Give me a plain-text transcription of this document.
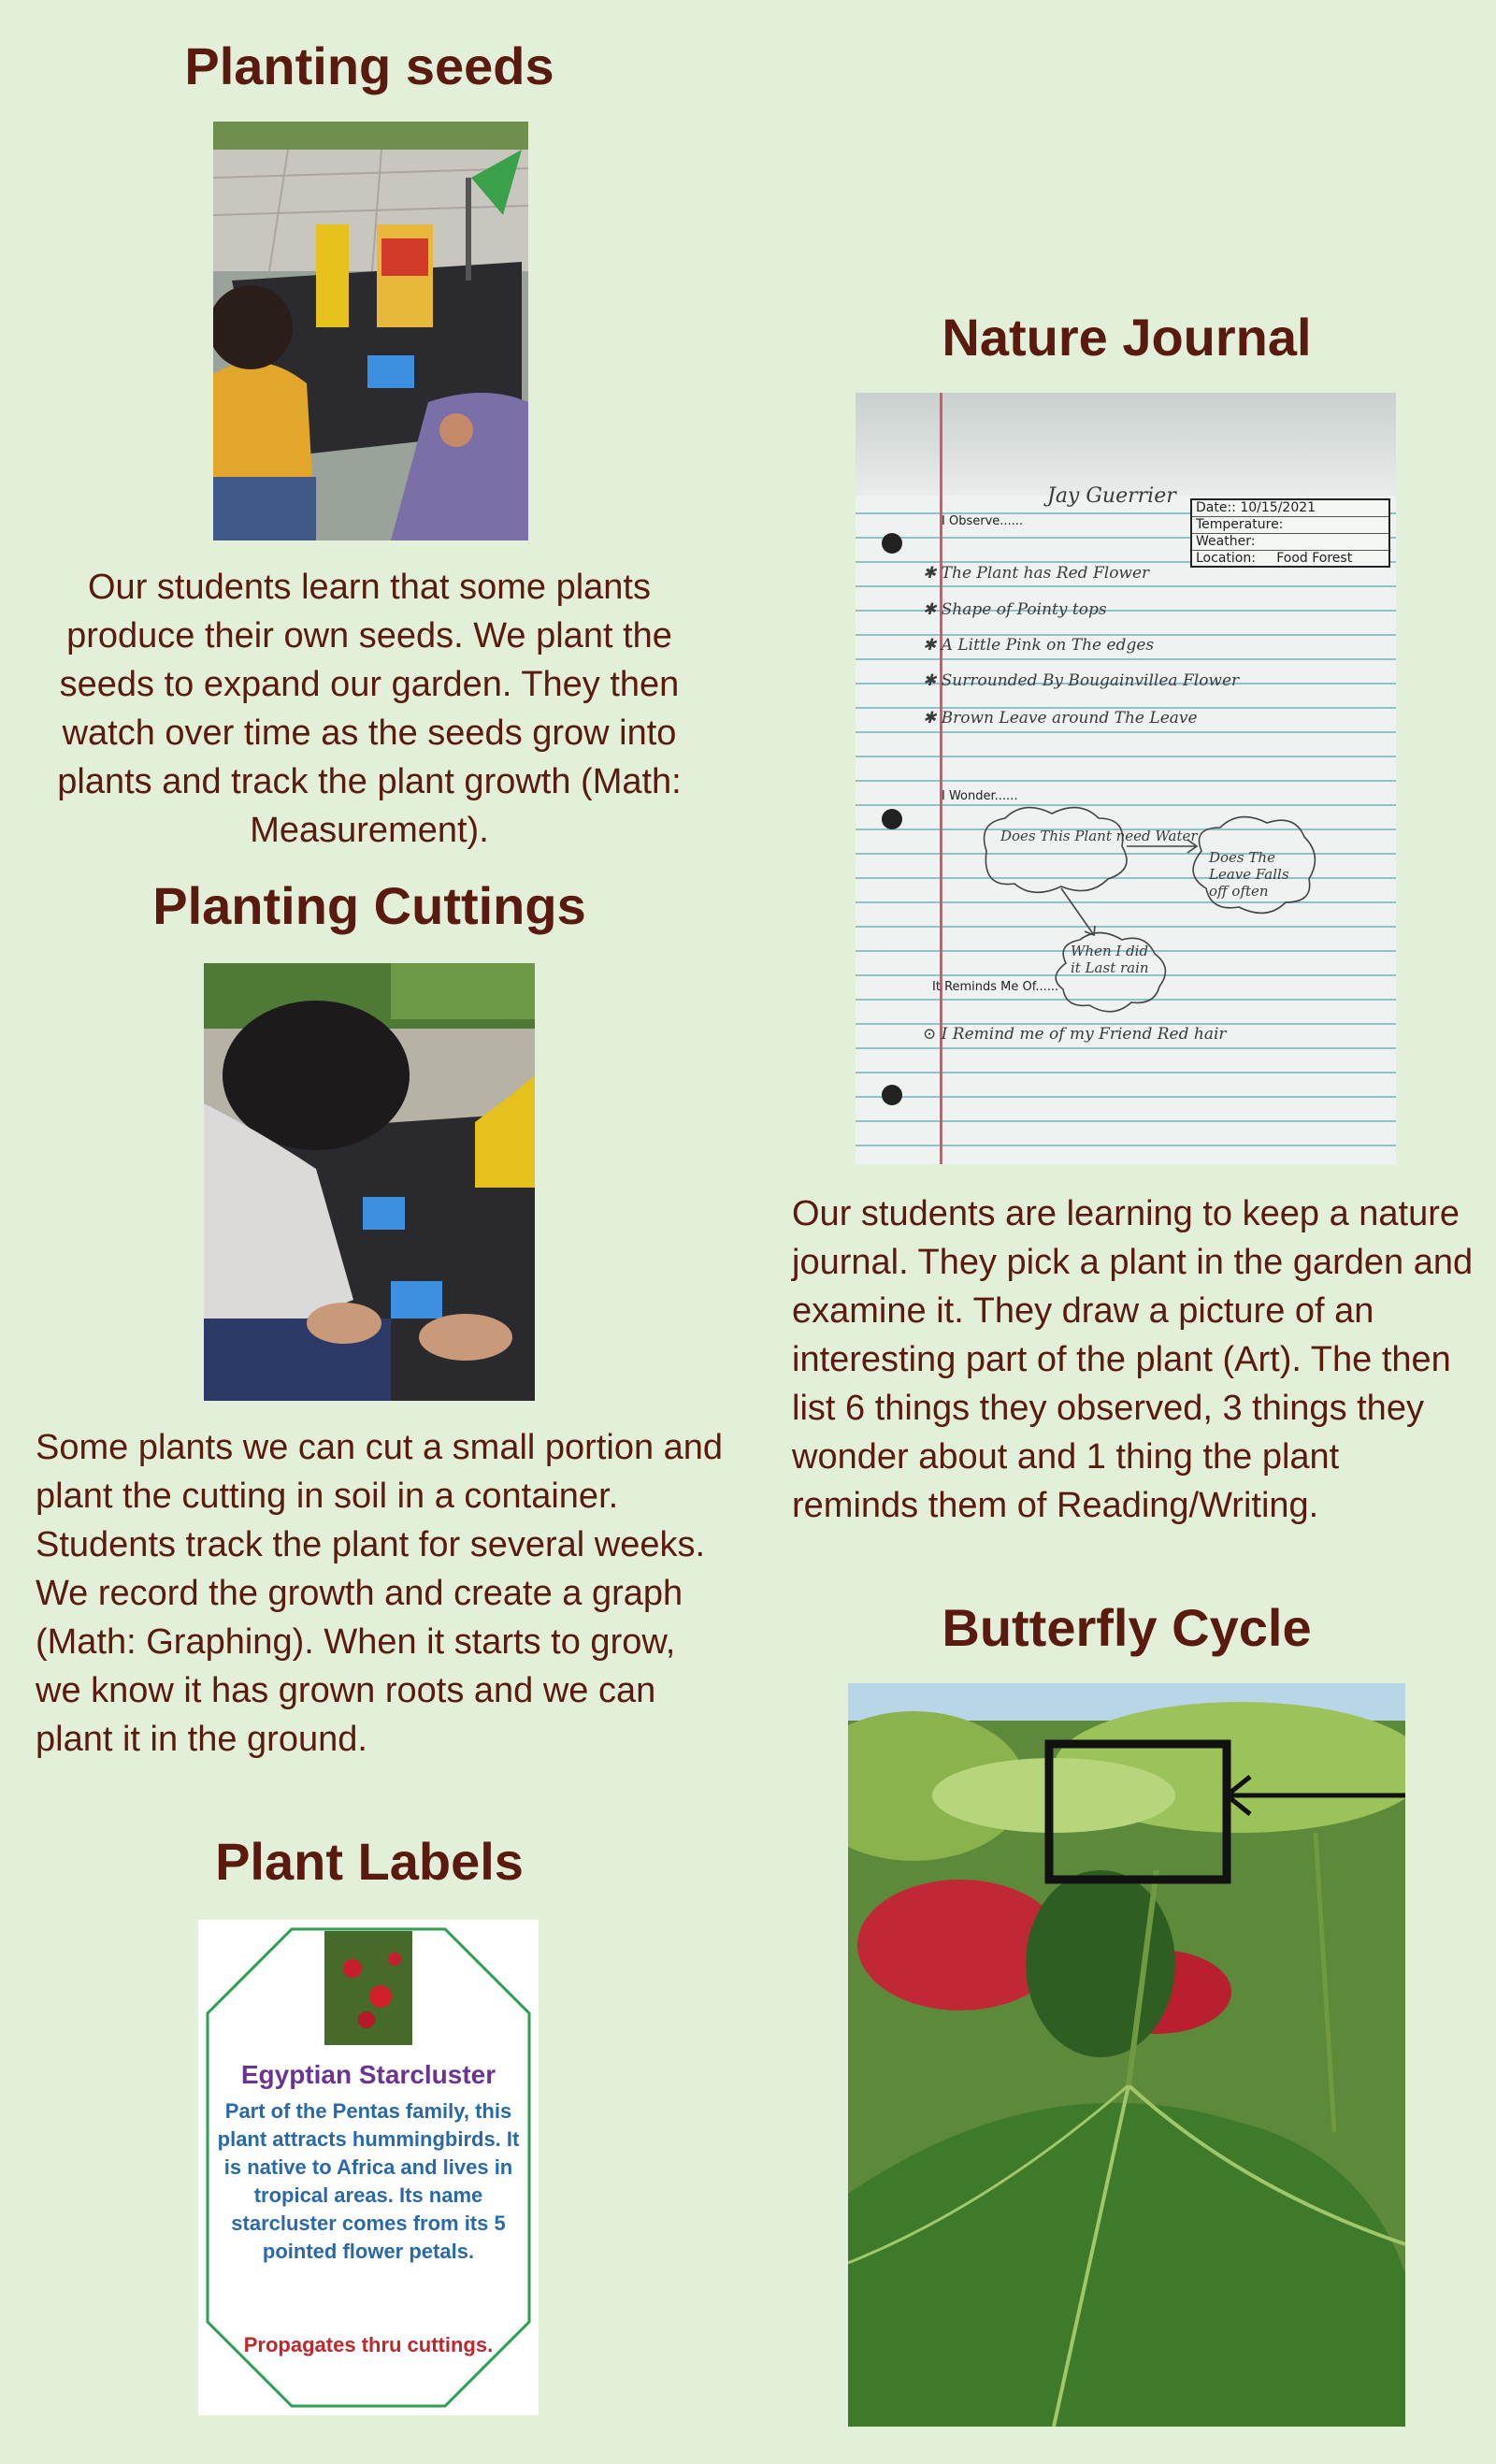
Planting seeds

Our students learn that some plants produce their own seeds. We plant the seeds to expand our garden. They then watch over time as the seeds grow into plants and track the plant growth (Math: Measurement).

Planting Cuttings

Some plants we can cut a small portion and plant the cutting in soil in a container. Students track the plant for several weeks. We record the growth and create a graph (Math: Graphing). When it starts to grow, we know it has grown roots and we can plant it in the ground.

Plant Labels
Egyptian Starcluster

Part of the Pentas family, this plant attracts hummingbirds. It is native to Africa and lives in tropical areas. Its name starcluster comes from its 5 pointed flower petals.

Propagates thru cuttings.

Nature Journal
Jay Guerrier
I Observe......
Date:: 10/15/2021
Temperature:
Weather:
Location: Food Forest
✱ The Plant has Red Flower
✱ Shape of Pointy tops
✱ A Little Pink on The edges
✱ Surrounded By Bougainvillea Flower
✱ Brown Leave around The Leave
I Wonder......
Does This Plant need Water
Does The Leave Falls off often
When I did it Last rain
It Reminds Me Of......
⊙ I Remind me of my Friend Red hair

Our students are learning to keep a nature journal. They pick a plant in the garden and examine it. They draw a picture of an interesting part of the plant (Art). The then list 6 things they observed, 3 things they wonder about and 1 thing the plant reminds them of Reading/Writing.

Butterfly Cycle
